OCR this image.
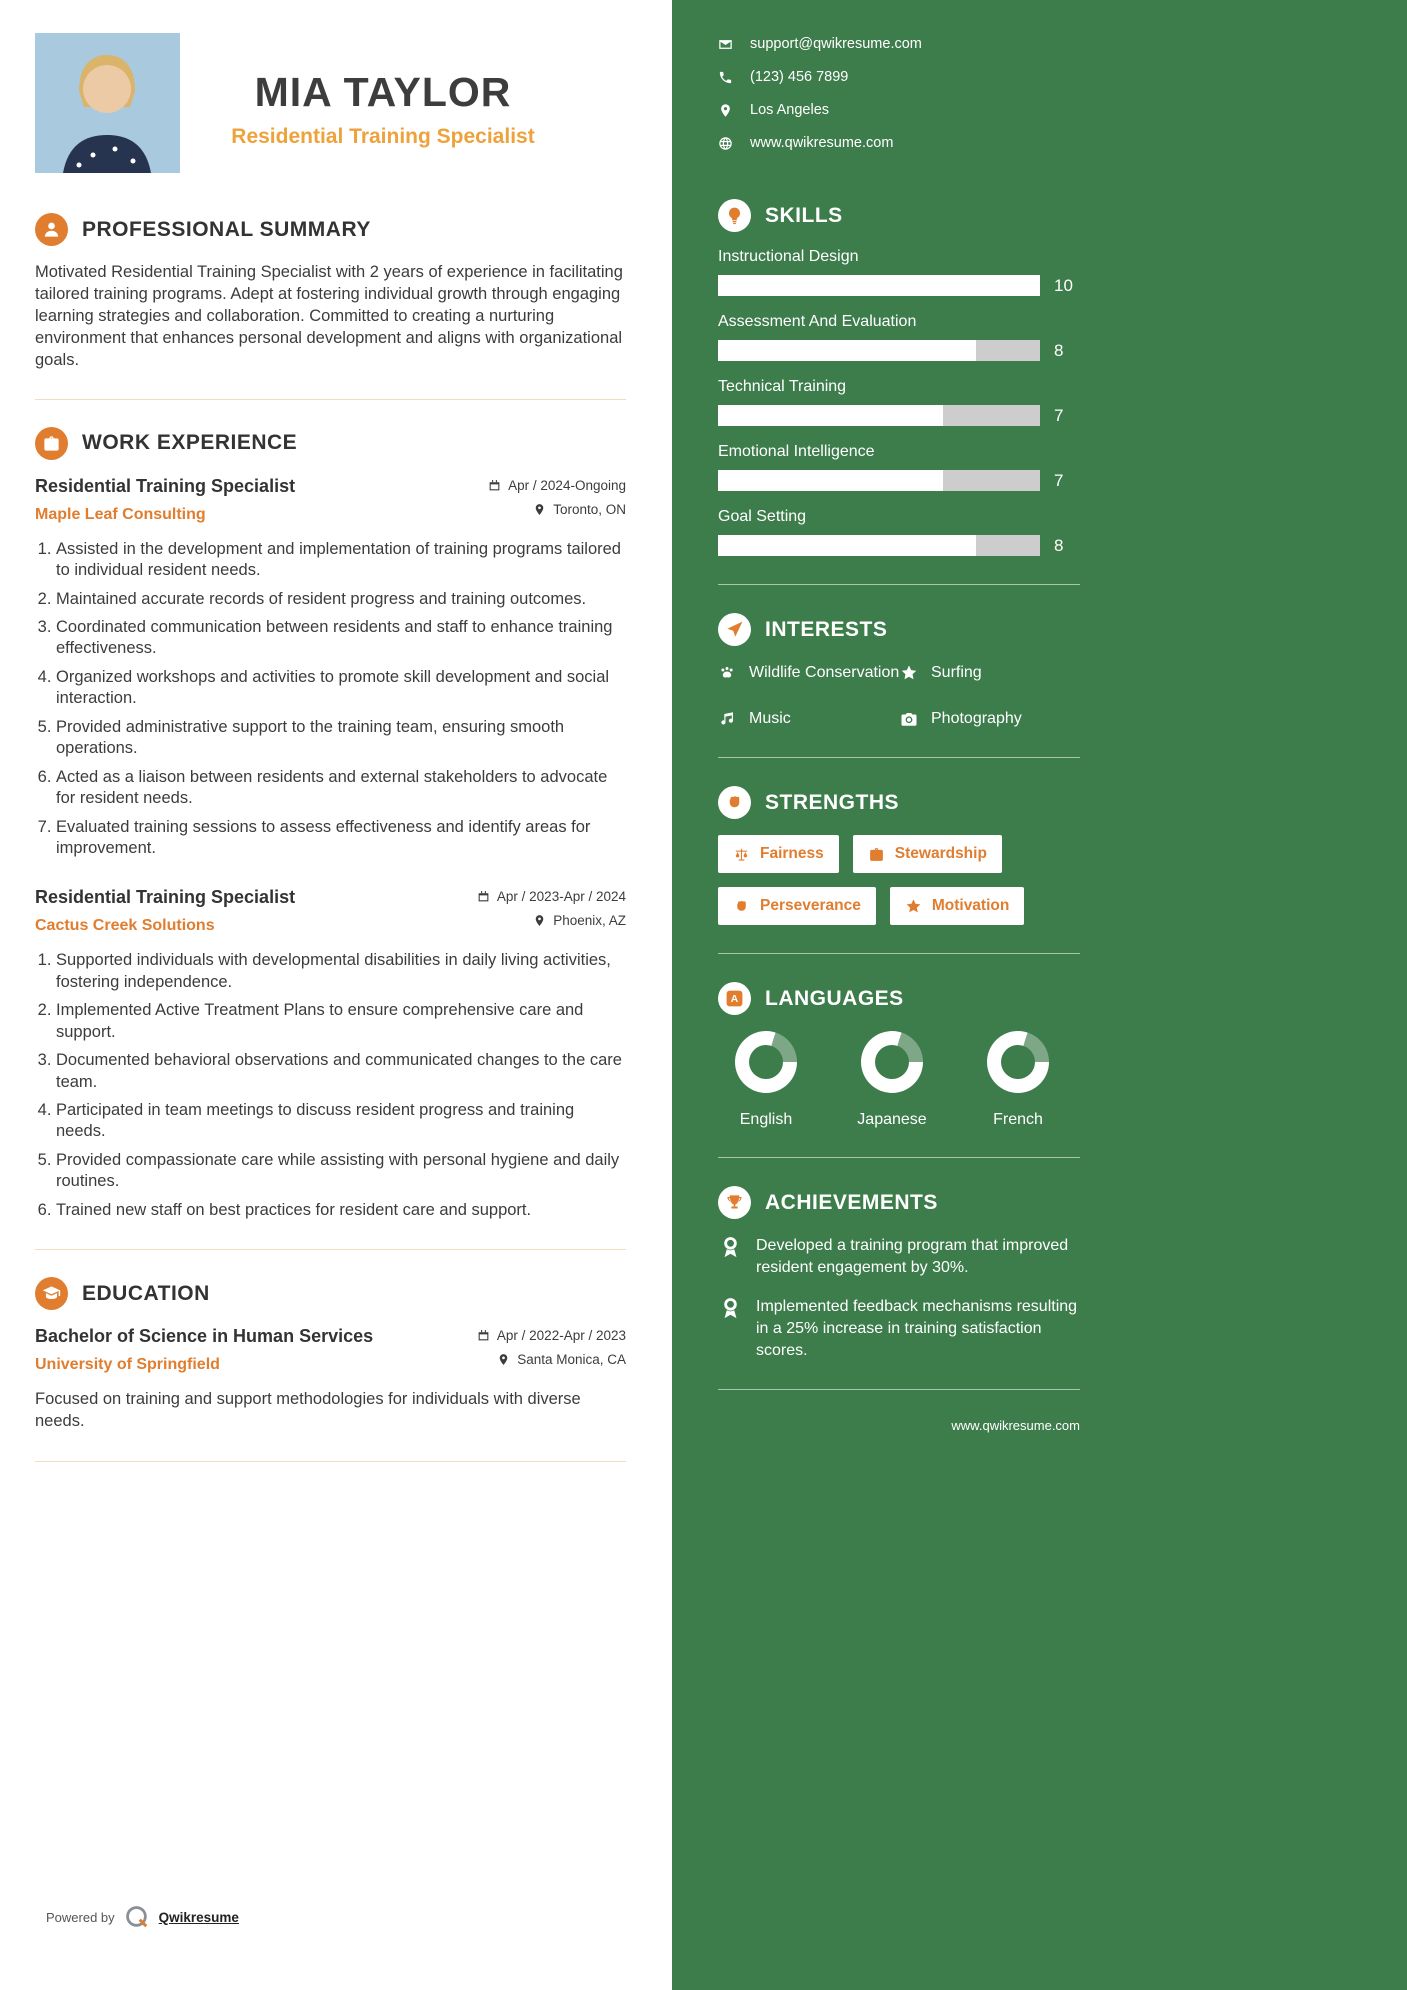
MIA TAYLOR
Residential Training Specialist
PROFESSIONAL SUMMARY

Motivated Residential Training Specialist with 2 years of experience in facilitating tailored training programs. Adept at fostering individual growth through engaging learning strategies and collaboration. Committed to creating a nurturing environment that enhances personal development and aligns with organizational goals.

WORK EXPERIENCE
Residential Training Specialist
Maple Leaf Consulting
Apr / 2024-Ongoing
Toronto, ON
1. Assisted in the development and implementation of training programs tailored to individual resident needs.
2. Maintained accurate records of resident progress and training outcomes.
3. Coordinated communication between residents and staff to enhance training effectiveness.
4. Organized workshops and activities to promote skill development and social interaction.
5. Provided administrative support to the training team, ensuring smooth operations.
6. Acted as a liaison between residents and external stakeholders to advocate for resident needs.
7. Evaluated training sessions to assess effectiveness and identify areas for improvement.
Residential Training Specialist
Cactus Creek Solutions
Apr / 2023-Apr / 2024
Phoenix, AZ
1. Supported individuals with developmental disabilities in daily living activities, fostering independence.
2. Implemented Active Treatment Plans to ensure comprehensive care and support.
3. Documented behavioral observations and communicated changes to the care team.
4. Participated in team meetings to discuss resident progress and training needs.
5. Provided compassionate care while assisting with personal hygiene and daily routines.
6. Trained new staff on best practices for resident care and support.
EDUCATION
Bachelor of Science in Human Services
University of Springfield
Apr / 2022-Apr / 2023
Santa Monica, CA

Focused on training and support methodologies for individuals with diverse needs.

Powered by	Qwikresume
support@qwikresume.com
(123) 456 7899
Los Angeles
www.qwikresume.com
SKILLS
Instructional Design
10
Assessment And Evaluation
8
Technical Training
7
Emotional Intelligence
7
Goal Setting
8
INTERESTS
Wildlife Conservation Surfing
Music	Photography
STRENGTHS
Fairness	Stewardship
Perseverance	Motivation
A LANGUAGES
English	Japanese	French
ACHIEVEMENTS
Developed a training program that improved resident engagement by 30%.
Implemented feedback mechanisms resulting in a 25% increase in training satisfaction scores.
www.qwikresume.com
